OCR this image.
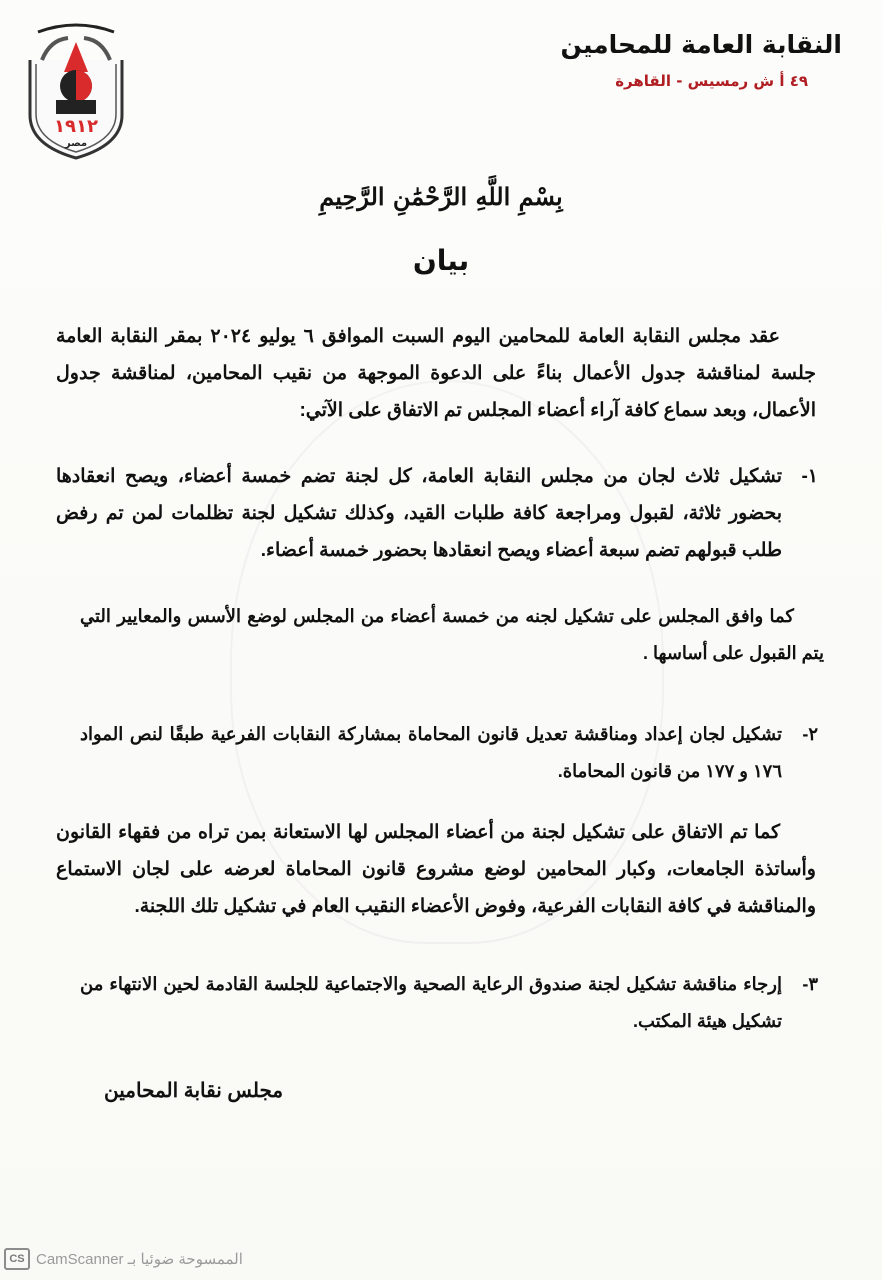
١٩١٢
مصر
النقابة العامة للمحامين
٤٩ أ ش رمسيس - القاهرة
بِسْمِ اللَّهِ الرَّحْمَٰنِ الرَّحِيمِ
بيان
عقد مجلس النقابة العامة للمحامين اليوم السبت الموافق ٦ يوليو ٢٠٢٤ بمقر النقابة العامة جلسة لمناقشة جدول الأعمال بناءً على الدعوة الموجهة من نقيب المحامين، لمناقشة جدول الأعمال، وبعد سماع كافة آراء أعضاء المجلس تم الاتفاق على الآتي:
١-
تشكيل ثلاث لجان من مجلس النقابة العامة، كل لجنة تضم خمسة أعضاء، ويصح انعقادها بحضور ثلاثة، لقبول ومراجعة كافة طلبات القيد، وكذلك تشكيل لجنة تظلمات لمن تم رفض طلب قبولهم تضم سبعة أعضاء ويصح انعقادها بحضور خمسة أعضاء.
كما وافق المجلس على تشكيل لجنه من خمسة أعضاء من المجلس لوضع الأسس والمعايير التي يتم القبول على أساسها .
٢-
تشكيل لجان إعداد ومناقشة تعديل قانون المحاماة بمشاركة النقابات الفرعية طبقًا لنص المواد ١٧٦ و ١٧٧ من قانون المحاماة.
كما تم الاتفاق على تشكيل لجنة من أعضاء المجلس لها الاستعانة بمن تراه من فقهاء القانون وأساتذة الجامعات، وكبار المحامين لوضع مشروع قانون المحاماة لعرضه على لجان الاستماع والمناقشة في كافة النقابات الفرعية، وفوض الأعضاء النقيب العام في تشكيل تلك اللجنة.
٣-
إرجاء مناقشة تشكيل لجنة صندوق الرعاية الصحية والاجتماعية للجلسة القادمة لحين الانتهاء من تشكيل هيئة المكتب.
مجلس نقابة المحامين
CS الممسوحة ضوئيا بـ CamScanner
